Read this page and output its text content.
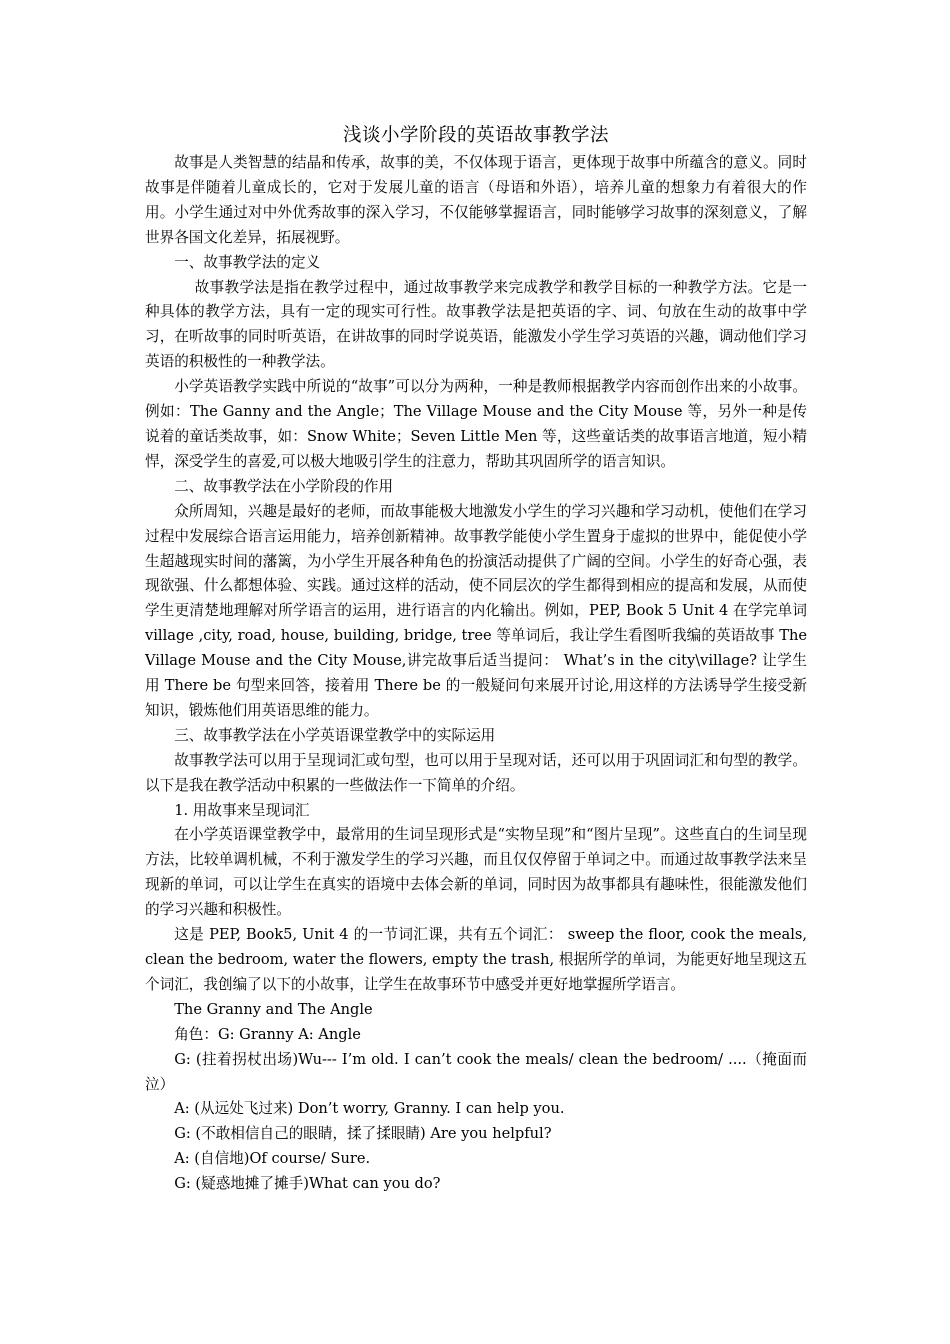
浅谈小学阶段的英语故事教学法

故事是人类智慧的结晶和传承，故事的美，不仅体现于语言，更体现于故事中所蕴含的意义。同时故事是伴随着儿童成长的，它对于发展儿童的语言（母语和外语），培养儿童的想象力有着很大的作用。小学生通过对中外优秀故事的深入学习，不仅能够掌握语言，同时能够学习故事的深刻意义，了解世界各国文化差异，拓展视野。

一、故事教学法的定义

故事教学法是指在教学过程中，通过故事教学来完成教学和教学目标的一种教学方法。它是一种具体的教学方法，具有一定的现实可行性。故事教学法是把英语的字、词、句放在生动的故事中学习，在听故事的同时听英语，在讲故事的同时学说英语，能激发小学生学习英语的兴趣，调动他们学习英语的积极性的一种教学法。

小学英语教学实践中所说的“故事”可以分为两种，一种是教师根据教学内容而创作出来的小故事。例如：The Ganny and the Angle；The Village Mouse and the City Mouse 等，另外一种是传说着的童话类故事，如：Snow White；Seven Little Men 等，这些童话类的故事语言地道，短小精悍，深受学生的喜爱,可以极大地吸引学生的注意力，帮助其巩固所学的语言知识。

二、故事教学法在小学阶段的作用

众所周知，兴趣是最好的老师，而故事能极大地激发小学生的学习兴趣和学习动机，使他们在学习过程中发展综合语言运用能力，培养创新精神。故事教学能使小学生置身于虚拟的世界中，能促使小学生超越现实时间的藩篱，为小学生开展各种角色的扮演活动提供了广阔的空间。小学生的好奇心强，表现欲强、什么都想体验、实践。通过这样的活动，使不同层次的学生都得到相应的提高和发展，从而使学生更清楚地理解对所学语言的运用，进行语言的内化输出。例如，PEP, Book 5 Unit 4 在学完单词 village ,city, road, house, building, bridge, tree 等单词后，我让学生看图听我编的英语故事 The Village Mouse and the City Mouse,讲完故事后适当提问： What’s in the city\village? 让学生用 There be 句型来回答，接着用 There be 的一般疑问句来展开讨论,用这样的方法诱导学生接受新知识，锻炼他们用英语思维的能力。

三、故事教学法在小学英语课堂教学中的实际运用

故事教学法可以用于呈现词汇或句型，也可以用于呈现对话，还可以用于巩固词汇和句型的教学。以下是我在教学活动中积累的一些做法作一下简单的介绍。

1. 用故事来呈现词汇

在小学英语课堂教学中，最常用的生词呈现形式是“实物呈现”和“图片呈现”。这些直白的生词呈现方法，比较单调机械，不利于激发学生的学习兴趣，而且仅仅停留于单词之中。而通过故事教学法来呈现新的单词，可以让学生在真实的语境中去体会新的单词，同时因为故事都具有趣味性，很能激发他们的学习兴趣和积极性。

这是 PEP, Book5, Unit 4 的一节词汇课，共有五个词汇： sweep the floor, cook the meals, clean the bedroom, water the flowers, empty the trash, 根据所学的单词，为能更好地呈现这五个词汇，我创编了以下的小故事，让学生在故事环节中感受并更好地掌握所学语言。

The Granny and The Angle

角色：G: Granny A: Angle

G: (拄着拐杖出场)Wu--- I’m old. I can’t cook the meals/ clean the bedroom/ ....（掩面而泣）

A: (从远处飞过来) Don’t worry, Granny. I can help you.

G: (不敢相信自己的眼睛，揉了揉眼睛) Are you helpful?

A: (自信地)Of course/ Sure.

G: (疑惑地摊了摊手)What can you do?
